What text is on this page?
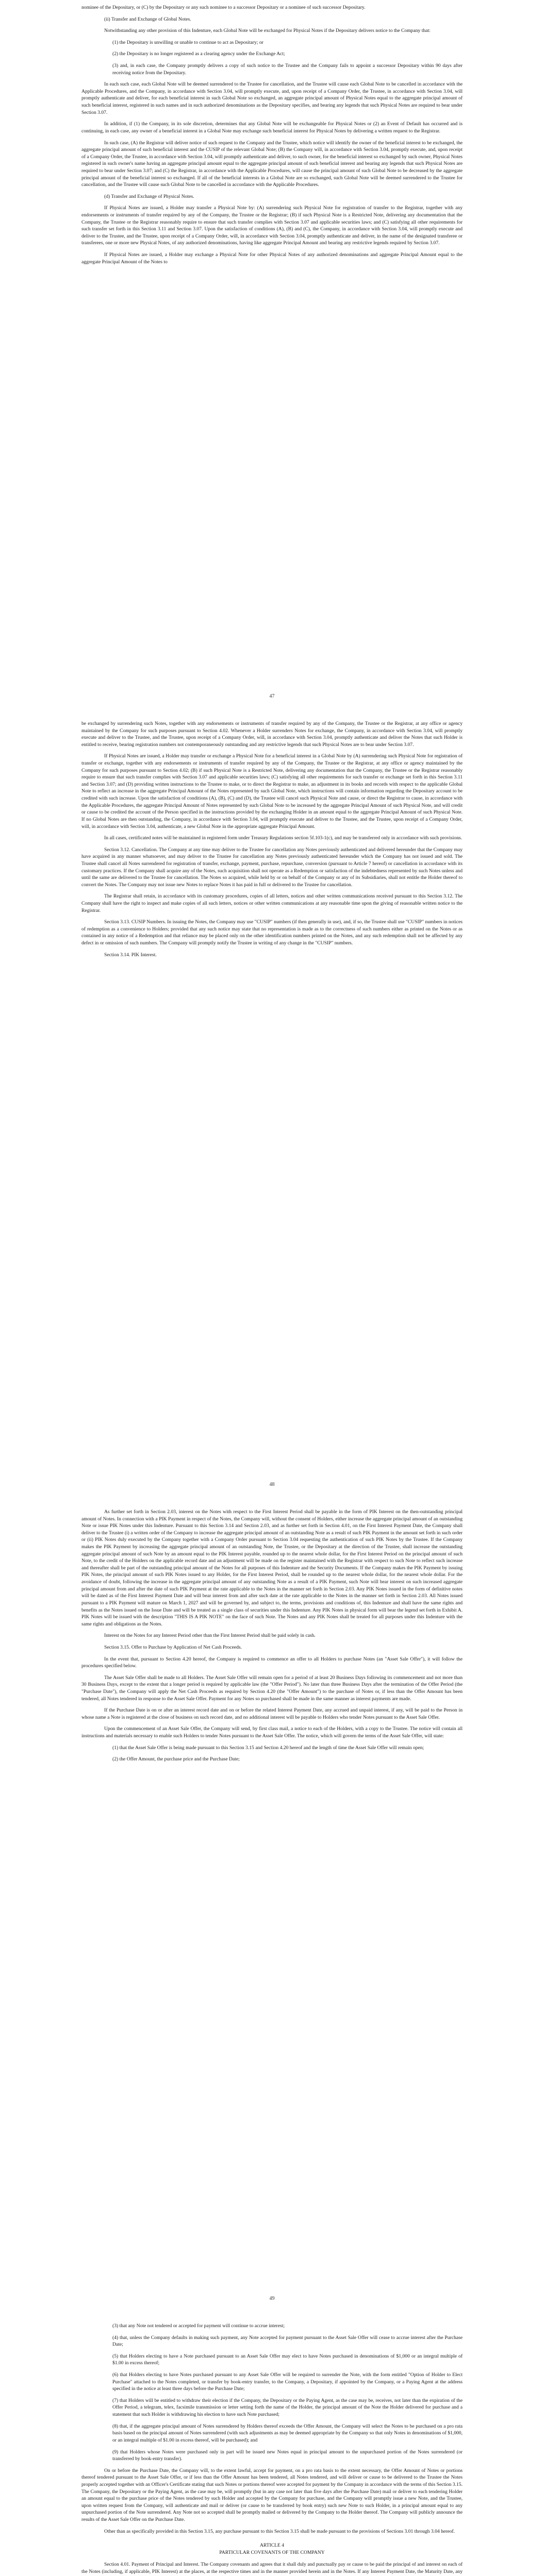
nominee of the Depositary, or (C) by the Depositary or any such nominee to a successor Depositary or a nominee of such successor Depositary.

(ii) Transfer and Exchange of Global Notes.

Notwithstanding any other provision of this Indenture, each Global Note will be exchanged for Physical Notes if the Depositary delivers notice to the Company that:

(1) the Depositary is unwilling or unable to continue to act as Depositary; or

(2) the Depositary is no longer registered as a clearing agency under the Exchange Act;

(3) and, in each case, the Company promptly delivers a copy of such notice to the Trustee and the Company fails to appoint a successor Depositary within 90 days after receiving notice from the Depositary.

In each such case, each Global Note will be deemed surrendered to the Trustee for cancellation, and the Trustee will cause each Global Note to be cancelled in accordance with the Applicable Procedures, and the Company, in accordance with Section 3.04, will promptly execute, and, upon receipt of a Company Order, the Trustee, in accordance with Section 3.04, will promptly authenticate and deliver, for each beneficial interest in such Global Note so exchanged, an aggregate principal amount of Physical Notes equal to the aggregate principal amount of such beneficial interest, registered in such names and in such authorized denominations as the Depositary specifies, and bearing any legends that such Physical Notes are required to bear under Section 3.07.

In addition, if (1) the Company, in its sole discretion, determines that any Global Note will be exchangeable for Physical Notes or (2) an Event of Default has occurred and is continuing, in each case, any owner of a beneficial interest in a Global Note may exchange such beneficial interest for Physical Notes by delivering a written request to the Registrar.

In such case, (A) the Registrar will deliver notice of such request to the Company and the Trustee, which notice will identify the owner of the beneficial interest to be exchanged, the aggregate principal amount of such beneficial interest and the CUSIP of the relevant Global Note; (B) the Company will, in accordance with Section 3.04, promptly execute, and, upon receipt of a Company Order, the Trustee, in accordance with Section 3.04, will promptly authenticate and deliver, to such owner, for the beneficial interest so exchanged by such owner, Physical Notes registered in such owner's name having an aggregate principal amount equal to the aggregate principal amount of such beneficial interest and bearing any legends that such Physical Notes are required to bear under Section 3.07; and (C) the Registrar, in accordance with the Applicable Procedures, will cause the principal amount of such Global Note to be decreased by the aggregate principal amount of the beneficial interest so exchanged. If all of the beneficial interests in a Global Note are so exchanged, such Global Note will be deemed surrendered to the Trustee for cancellation, and the Trustee will cause such Global Note to be cancelled in accordance with the Applicable Procedures.

(d) Transfer and Exchange of Physical Notes.

If Physical Notes are issued, a Holder may transfer a Physical Note by: (A) surrendering such Physical Note for registration of transfer to the Registrar, together with any endorsements or instruments of transfer required by any of the Company, the Trustee or the Registrar; (B) if such Physical Note is a Restricted Note, delivering any documentation that the Company, the Trustee or the Registrar reasonably require to ensure that such transfer complies with Section 3.07 and applicable securities laws; and (C) satisfying all other requirements for such transfer set forth in this Section 3.11 and Section 3.07. Upon the satisfaction of conditions (A), (B) and (C), the Company, in accordance with Section 3.04, will promptly execute and deliver to the Trustee, and the Trustee, upon receipt of a Company Order, will, in accordance with Section 3.04, promptly authenticate and deliver, in the name of the designated transferee or transferees, one or more new Physical Notes, of any authorized denominations, having like aggregate Principal Amount and bearing any restrictive legends required by Section 3.07.

If Physical Notes are issued, a Holder may exchange a Physical Note for other Physical Notes of any authorized denominations and aggregate Principal Amount equal to the aggregate Principal Amount of the Notes to

47

be exchanged by surrendering such Notes, together with any endorsements or instruments of transfer required by any of the Company, the Trustee or the Registrar, at any office or agency maintained by the Company for such purposes pursuant to Section 4.02. Whenever a Holder surrenders Notes for exchange, the Company, in accordance with Section 3.04, will promptly execute and deliver to the Trustee, and the Trustee, upon receipt of a Company Order, will, in accordance with Section 3.04, promptly authenticate and deliver the Notes that such Holder is entitled to receive, bearing registration numbers not contemporaneously outstanding and any restrictive legends that such Physical Notes are to bear under Section 3.07.

If Physical Notes are issued, a Holder may transfer or exchange a Physical Note for a beneficial interest in a Global Note by (A) surrendering such Physical Note for registration of transfer or exchange, together with any endorsements or instruments of transfer required by any of the Company, the Trustee or the Registrar, at any office or agency maintained by the Company for such purposes pursuant to Section 4.02; (B) if such Physical Note is a Restricted Note, delivering any documentation that the Company, the Trustee or the Registrar reasonably require to ensure that such transfer complies with Section 3.07 and applicable securities laws; (C) satisfying all other requirements for such transfer or exchange set forth in this Section 3.11 and Section 3.07; and (D) providing written instructions to the Trustee to make, or to direct the Registrar to make, an adjustment in its books and records with respect to the applicable Global Note to reflect an increase in the aggregate Principal Amount of the Notes represented by such Global Note, which instructions will contain information regarding the Depositary account to be credited with such increase. Upon the satisfaction of conditions (A), (B), (C) and (D), the Trustee will cancel such Physical Note and cause, or direct the Registrar to cause, in accordance with the Applicable Procedures, the aggregate Principal Amount of Notes represented by such Global Note to be increased by the aggregate Principal Amount of such Physical Note, and will credit or cause to be credited the account of the Person specified in the instructions provided by the exchanging Holder in an amount equal to the aggregate Principal Amount of such Physical Note. If no Global Notes are then outstanding, the Company, in accordance with Section 3.04, will promptly execute and deliver to the Trustee, and the Trustee, upon receipt of a Company Order, will, in accordance with Section 3.04, authenticate, a new Global Note in the appropriate aggregate Principal Amount.

In all cases, certificated notes will be maintained in registered form under Treasury Regulations section 5f.103-1(c), and may be transferred only in accordance with such provisions.

Section 3.12. Cancellation. The Company at any time may deliver to the Trustee for cancellation any Notes previously authenticated and delivered hereunder that the Company may have acquired in any manner whatsoever, and may deliver to the Trustee for cancellation any Notes previously authenticated hereunder which the Company has not issued and sold. The Trustee shall cancel all Notes surrendered for registration of transfer, exchange, payment, purchase, repurchase, conversion (pursuant to Article 7 hereof) or cancellation in accordance with its customary practices. If the Company shall acquire any of the Notes, such acquisition shall not operate as a Redemption or satisfaction of the indebtedness represented by such Notes unless and until the same are delivered to the Trustee for cancellation. The Notes so acquired, while held by or on behalf of the Company or any of its Subsidiaries, shall not entitle the Holder thereof to convert the Notes. The Company may not issue new Notes to replace Notes it has paid in full or delivered to the Trustee for cancellation.

The Registrar shall retain, in accordance with its customary procedures, copies of all letters, notices and other written communications received pursuant to this Section 3.12. The Company shall have the right to inspect and make copies of all such letters, notices or other written communications at any reasonable time upon the giving of reasonable written notice to the Registrar.

Section 3.13. CUSIP Numbers. In issuing the Notes, the Company may use "CUSIP" numbers (if then generally in use), and, if so, the Trustee shall use "CUSIP" numbers in notices of redemption as a convenience to Holders; provided that any such notice may state that no representation is made as to the correctness of such numbers either as printed on the Notes or as contained in any notice of a Redemption and that reliance may be placed only on the other identification numbers printed on the Notes, and any such redemption shall not be affected by any defect in or omission of such numbers. The Company will promptly notify the Trustee in writing of any change in the "CUSIP" numbers.

Section 3.14. PIK Interest.

48

As further set forth in Section 2.03, interest on the Notes with respect to the First Interest Period shall be payable in the form of PIK Interest on the then-outstanding principal amount of Notes. In connection with a PIK Payment in respect of the Notes, the Company will, without the consent of Holders, either increase the aggregate principal amount of an outstanding Note or issue PIK Notes under this Indenture. Pursuant to this Section 3.14 and Section 2.03, and as further set forth in Section 4.01, on the First Interest Payment Date, the Company shall deliver to the Trustee (i) a written order of the Company to increase the aggregate principal amount of an outstanding Note as a result of such PIK Payment in the amount set forth in such order or (ii) PIK Notes duly executed by the Company together with a Company Order pursuant to Section 3.04 requesting the authentication of such PIK Notes by the Trustee. If the Company makes the PIK Payment by increasing the aggregate principal amount of an outstanding Note, the Trustee, or the Depositary at the direction of the Trustee, shall increase the outstanding aggregate principal amount of such Note by an amount equal to the PIK Interest payable, rounded up to the nearest whole dollar, for the First Interest Period on the principal amount of such Note, to the credit of the Holders on the applicable record date and an adjustment will be made on the register maintained with the Registrar with respect to such Note to reflect such increase and thereafter shall be part of the outstanding principal amount of the Notes for all purposes of this Indenture and the Security Documents. If the Company makes the PIK Payment by issuing PIK Notes, the principal amount of such PIK Notes issued to any Holder, for the First Interest Period, shall be rounded up to the nearest whole dollar, for the nearest whole dollar. For the avoidance of doubt, following the increase in the aggregate principal amount of any outstanding Note as a result of a PIK Payment, such Note will bear interest on such increased aggregate principal amount from and after the date of such PIK Payment at the rate applicable to the Notes in the manner set forth in Section 2.03. Any PIK Notes issued in the form of definitive notes will be dated as of the First Interest Payment Date and will bear interest from and after such date at the rate applicable to the Notes in the manner set forth in Section 2.03. All Notes issued pursuant to a PIK Payment will mature on March 1, 2027 and will be governed by, and subject to, the terms, provisions and conditions of, this Indenture and shall have the same rights and benefits as the Notes issued on the Issue Date and will be treated as a single class of securities under this Indenture. Any PIK Notes in physical form will bear the legend set forth in Exhibit A. PIK Notes will be issued with the description "THIS IS A PIK NOTE" on the face of such Note. The Notes and any PIK Notes shall be treated for all purposes under this Indenture with the same rights and obligations as the Notes.

Interest on the Notes for any Interest Period other than the First Interest Period shall be paid solely in cash.

Section 3.15. Offer to Purchase by Application of Net Cash Proceeds.

In the event that, pursuant to Section 4.20 hereof, the Company is required to commence an offer to all Holders to purchase Notes (an "Asset Sale Offer"), it will follow the procedures specified below.

The Asset Sale Offer shall be made to all Holders. The Asset Sale Offer will remain open for a period of at least 20 Business Days following its commencement and not more than 30 Business Days, except to the extent that a longer period is required by applicable law (the "Offer Period"). No later than three Business Days after the termination of the Offer Period (the "Purchase Date"), the Company will apply the Net Cash Proceeds as required by Section 4.20 (the "Offer Amount") to the purchase of Notes or, if less than the Offer Amount has been tendered, all Notes tendered in response to the Asset Sale Offer. Payment for any Notes so purchased shall be made in the same manner as interest payments are made.

If the Purchase Date is on or after an interest record date and on or before the related Interest Payment Date, any accrued and unpaid interest, if any, will be paid to the Person in whose name a Note is registered at the close of business on such record date, and no additional interest will be payable to Holders who tender Notes pursuant to the Asset Sale Offer.

Upon the commencement of an Asset Sale Offer, the Company will send, by first class mail, a notice to each of the Holders, with a copy to the Trustee. The notice will contain all instructions and materials necessary to enable such Holders to tender Notes pursuant to the Asset Sale Offer. The notice, which will govern the terms of the Asset Sale Offer, will state:

(1) that the Asset Sale Offer is being made pursuant to this Section 3.15 and Section 4.20 hereof and the length of time the Asset Sale Offer will remain open;

(2) the Offer Amount, the purchase price and the Purchase Date;

49

(3) that any Note not tendered or accepted for payment will continue to accrue interest;

(4) that, unless the Company defaults in making such payment, any Note accepted for payment pursuant to the Asset Sale Offer will cease to accrue interest after the Purchase Date;

(5) that Holders electing to have a Note purchased pursuant to an Asset Sale Offer may elect to have Notes purchased in denominations of $1,000 or an integral multiple of $1.00 in excess thereof;

(6) that Holders electing to have Notes purchased pursuant to any Asset Sale Offer will be required to surrender the Note, with the form entitled "Option of Holder to Elect Purchase" attached to the Notes completed, or transfer by book-entry transfer, to the Company, a Depositary, if appointed by the Company, or a Paying Agent at the address specified in the notice at least three days before the Purchase Date;

(7) that Holders will be entitled to withdraw their election if the Company, the Depositary or the Paying Agent, as the case may be, receives, not later than the expiration of the Offer Period, a telegram, telex, facsimile transmission or letter setting forth the name of the Holder, the principal amount of the Note the Holder delivered for purchase and a statement that such Holder is withdrawing his election to have such Note purchased;

(8) that, if the aggregate principal amount of Notes surrendered by Holders thereof exceeds the Offer Amount, the Company will select the Notes to be purchased on a pro rata basis based on the principal amount of Notes surrendered (with such adjustments as may be deemed appropriate by the Company so that only Notes in denominations of $1,000, or an integral multiple of $1.00 in excess thereof, will be purchased); and

(9) that Holders whose Notes were purchased only in part will be issued new Notes equal in principal amount to the unpurchased portion of the Notes surrendered (or transferred by book-entry transfer).

On or before the Purchase Date, the Company will, to the extent lawful, accept for payment, on a pro rata basis to the extent necessary, the Offer Amount of Notes or portions thereof tendered pursuant to the Asset Sale Offer, or if less than the Offer Amount has been tendered, all Notes tendered, and will deliver or cause to be delivered to the Trustee the Notes properly accepted together with an Officer's Certificate stating that such Notes or portions thereof were accepted for payment by the Company in accordance with the terms of this Section 3.15. The Company, the Depositary or the Paying Agent, as the case may be, will promptly (but in any case not later than five days after the Purchase Date) mail or deliver to each tendering Holder an amount equal to the purchase price of the Notes tendered by such Holder and accepted by the Company for purchase, and the Company will promptly issue a new Note, and the Trustee, upon written request from the Company, will authenticate and mail or deliver (or cause to be transferred by book entry) such new Note to such Holder, in a principal amount equal to any unpurchased portion of the Note surrendered. Any Note not so accepted shall be promptly mailed or delivered by the Company to the Holder thereof. The Company will publicly announce the results of the Asset Sale Offer on the Purchase Date.

Other than as specifically provided in this Section 3.15, any purchase pursuant to this Section 3.15 shall be made pursuant to the provisions of Sections 3.01 through 3.04 hereof.

ARTICLE 4

PARTICULAR COVENANTS OF THE COMPANY

Section 4.01. Payment of Principal and Interest. The Company covenants and agrees that it shall duly and punctually pay or cause to be paid the principal of and interest on each of the Notes (including, if applicable, PIK Interest) at the places, at the respective times and in the manner provided herein and in the Notes. If any Interest Payment Date, the Maturity Date, any
